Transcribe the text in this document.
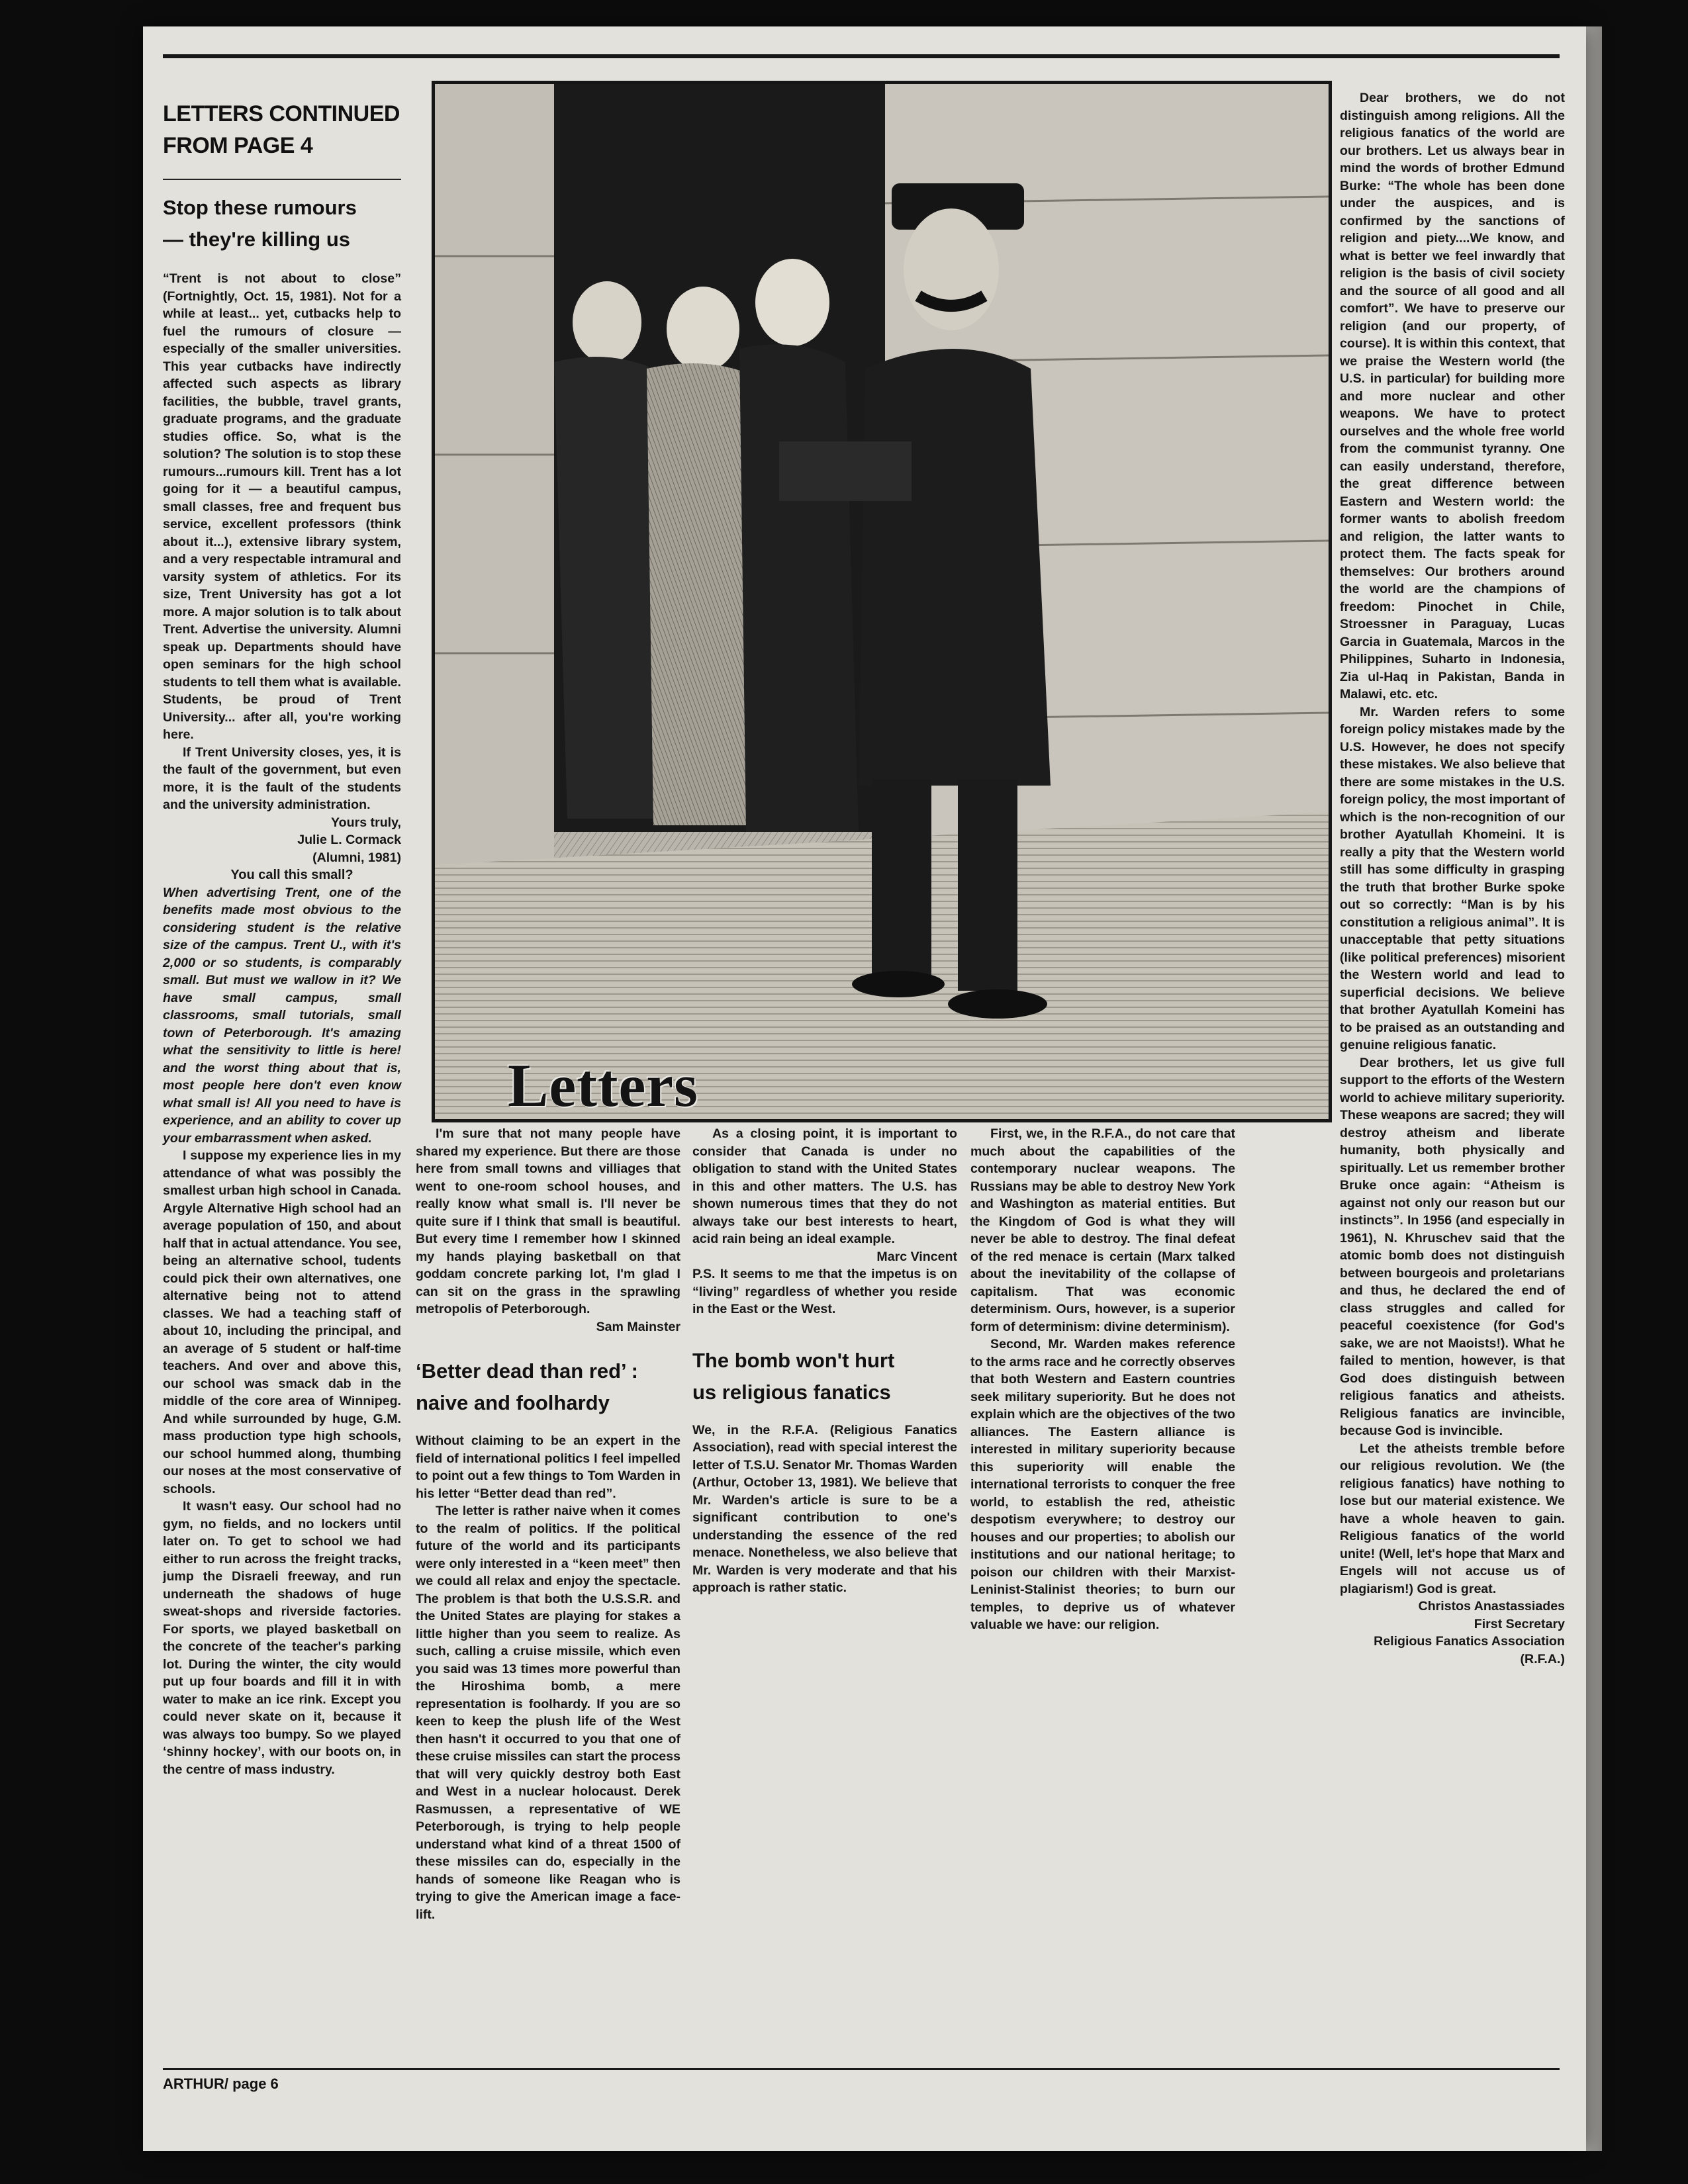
LETTERS CONTINUED FROM PAGE 4
Letters
Stop these rumours
— they're killing us

“Trent is not about to close” (Fortnightly, Oct. 15, 1981). Not for a while at least... yet, cutbacks help to fuel the rumours of closure — especially of the smaller universities. This year cutbacks have indirectly affected such aspects as library facilities, the bubble, travel grants, graduate programs, and the graduate studies office. So, what is the solution? The solution is to stop these rumours...rumours kill. Trent has a lot going for it — a beautiful campus, small classes, free and frequent bus service, excellent professors (think about it...), extensive library system, and a very respectable intramural and varsity system of athletics. For its size, Trent University has got a lot more. A major solution is to talk about Trent. Advertise the university. Alumni speak up. Departments should have open seminars for the high school students to tell them what is available. Students, be proud of Trent University... after all, you're working here.

If Trent University closes, yes, it is the fault of the government, but even more, it is the fault of the students and the university administration.

Yours truly,
Julie L. Cormack
(Alumni, 1981)

You call this small?

When advertising Trent, one of the benefits made most obvious to the considering student is the relative size of the campus. Trent U., with it's 2,000 or so students, is comparably small. But must we wallow in it? We have small campus, small classrooms, small tutorials, small town of Peterborough. It's amazing what the sensitivity to little is here! and the worst thing about that is, most people here don't even know what small is! All you need to have is experience, and an ability to cover up your embarrassment when asked.

I suppose my experience lies in my attendance of what was possibly the smallest urban high school in Canada. Argyle Alternative High school had an average population of 150, and about half that in actual attendance. You see, being an alternative school, tudents could pick their own alternatives, one alternative being not to attend classes. We had a teaching staff of about 10, including the principal, and an average of 5 student or half-time teachers. And over and above this, our school was smack dab in the middle of the core area of Winnipeg. And while surrounded by huge, G.M. mass production type high schools, our school hummed along, thumbing our noses at the most conservative of schools.

It wasn't easy. Our school had no gym, no fields, and no lockers until later on. To get to school we had either to run across the freight tracks, jump the Disraeli freeway, and run underneath the shadows of huge sweat-shops and riverside factories. For sports, we played basketball on the concrete of the teacher's parking lot. During the winter, the city would put up four boards and fill it in with water to make an ice rink. Except you could never skate on it, because it was always too bumpy. So we played ‘shinny hockey’, with our boots on, in the centre of mass industry.

I'm sure that not many people have shared my experience. But there are those here from small towns and villiages that went to one-room school houses, and really know what small is. I'll never be quite sure if I think that small is beautiful. But every time I remember how I skinned my hands playing basketball on that goddam concrete parking lot, I'm glad I can sit on the grass in the sprawling metropolis of Peterborough.

Sam Mainster
‘Better dead than red’ :
naive and foolhardy

Without claiming to be an expert in the field of international politics I feel impelled to point out a few things to Tom Warden in his letter “Better dead than red”.

The letter is rather naive when it comes to the realm of politics. If the political future of the world and its participants were only interested in a “keen meet” then we could all relax and enjoy the spectacle. The problem is that both the U.S.S.R. and the United States are playing for stakes a little higher than you seem to realize. As such, calling a cruise missile, which even you said was 13 times more powerful than the Hiroshima bomb, a mere representation is foolhardy. If you are so keen to keep the plush life of the West then hasn't it occurred to you that one of these cruise missiles can start the process that will very quickly destroy both East and West in a nuclear holocaust. Derek Rasmussen, a representative of WE Peterborough, is trying to help people understand what kind of a threat 1500 of these missiles can do, especially in the hands of someone like Reagan who is trying to give the American image a face-lift.

As a closing point, it is important to consider that Canada is under no obligation to stand with the United States in this and other matters. The U.S. has shown numerous times that they do not always take our best interests to heart, acid rain being an ideal example.

Marc Vincent

P.S. It seems to me that the impetus is on “living” regardless of whether you reside in the East or the West.

The bomb won't hurt
us religious fanatics

We, in the R.F.A. (Religious Fanatics Association), read with special interest the letter of T.S.U. Senator Mr. Thomas Warden (Arthur, October 13, 1981). We believe that Mr. Warden's article is sure to be a significant contribution to one's understanding the essence of the red menace. Nonetheless, we also believe that Mr. Warden is very moderate and that his approach is rather static.

First, we, in the R.F.A., do not care that much about the capabilities of the contemporary nuclear weapons. The Russians may be able to destroy New York and Washington as material entities. But the Kingdom of God is what they will never be able to destroy. The final defeat of the red menace is certain (Marx talked about the inevitability of the collapse of capitalism. That was economic determinism. Ours, however, is a superior form of determinism: divine determinism).

Second, Mr. Warden makes reference to the arms race and he correctly observes that both Western and Eastern countries seek military superiority. But he does not explain which are the objectives of the two alliances. The Eastern alliance is interested in military superiority because this superiority will enable the international terrorists to conquer the free world, to establish the red, atheistic despotism everywhere; to destroy our houses and our properties; to abolish our institutions and our national heritage; to poison our children with their Marxist-Leninist-Stalinist theories; to burn our temples, to deprive us of whatever valuable we have: our religion.

Dear brothers, we do not distinguish among religions. All the religious fanatics of the world are our brothers. Let us always bear in mind the words of brother Edmund Burke: “The whole has been done under the auspices, and is confirmed by the sanctions of religion and piety....We know, and what is better we feel inwardly that religion is the basis of civil society and the source of all good and all comfort”. We have to preserve our religion (and our property, of course). It is within this context, that we praise the Western world (the U.S. in particular) for building more and more nuclear and other weapons. We have to protect ourselves and the whole free world from the communist tyranny. One can easily understand, therefore, the great difference between Eastern and Western world: the former wants to abolish freedom and religion, the latter wants to protect them. The facts speak for themselves: Our brothers around the world are the champions of freedom: Pinochet in Chile, Stroessner in Paraguay, Lucas Garcia in Guatemala, Marcos in the Philippines, Suharto in Indonesia, Zia ul-Haq in Pakistan, Banda in Malawi, etc. etc.

Mr. Warden refers to some foreign policy mistakes made by the U.S. However, he does not specify these mistakes. We also believe that there are some mistakes in the U.S. foreign policy, the most important of which is the non-recognition of our brother Ayatullah Khomeini. It is really a pity that the Western world still has some difficulty in grasping the truth that brother Burke spoke out so correctly: “Man is by his constitution a religious animal”. It is unacceptable that petty situations (like political preferences) misorient the Western world and lead to superficial decisions. We believe that brother Ayatullah Komeini has to be praised as an outstanding and genuine religious fanatic.

Dear brothers, let us give full support to the efforts of the Western world to achieve military superiority. These weapons are sacred; they will destroy atheism and liberate humanity, both physically and spiritually. Let us remember brother Bruke once again: “Atheism is against not only our reason but our instincts”. In 1956 (and especially in 1961), N. Khruschev said that the atomic bomb does not distinguish between bourgeois and proletarians and thus, he declared the end of class struggles and called for peaceful coexistence (for God's sake, we are not Maoists!). What he failed to mention, however, is that God does distinguish between religious fanatics and atheists. Religious fanatics are invincible, because God is invincible.

Let the atheists tremble before our religious revolution. We (the religious fanatics) have nothing to lose but our material existence. We have a whole heaven to gain. Religious fanatics of the world unite! (Well, let's hope that Marx and Engels will not accuse us of plagiarism!) God is great.

Christos Anastassiades
First Secretary
Religious Fanatics Association
(R.F.A.)
ARTHUR/ page 6
